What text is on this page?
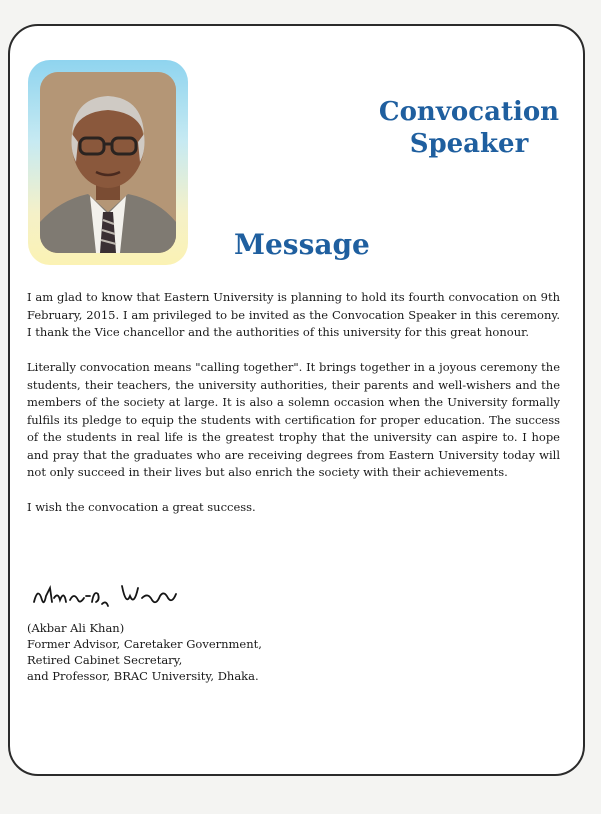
Convocation
Speaker
Message

I am glad to know that Eastern University is planning to hold its fourth convocation on 9th February, 2015. I am privileged to be invited as the Convocation Speaker in this ceremony. I thank the Vice chancellor and the authorities of this university for this great honour.

Literally convocation means "calling together". It brings together in a joyous ceremony the students, their teachers, the university authorities, their parents and well-wishers and the members of the society at large. It is also a solemn occasion when the University formally fulfils its pledge to equip the students with certification for proper education. The success of the students in real life is the greatest trophy that the university can aspire to. I hope and pray that the graduates who are receiving degrees from Eastern University today will not only succeed in their lives but also enrich the society with their achievements.

I wish the convocation a great success.

(Akbar Ali Khan)
Former Advisor, Caretaker Government,
Retired Cabinet Secretary,
and Professor, BRAC University, Dhaka.
